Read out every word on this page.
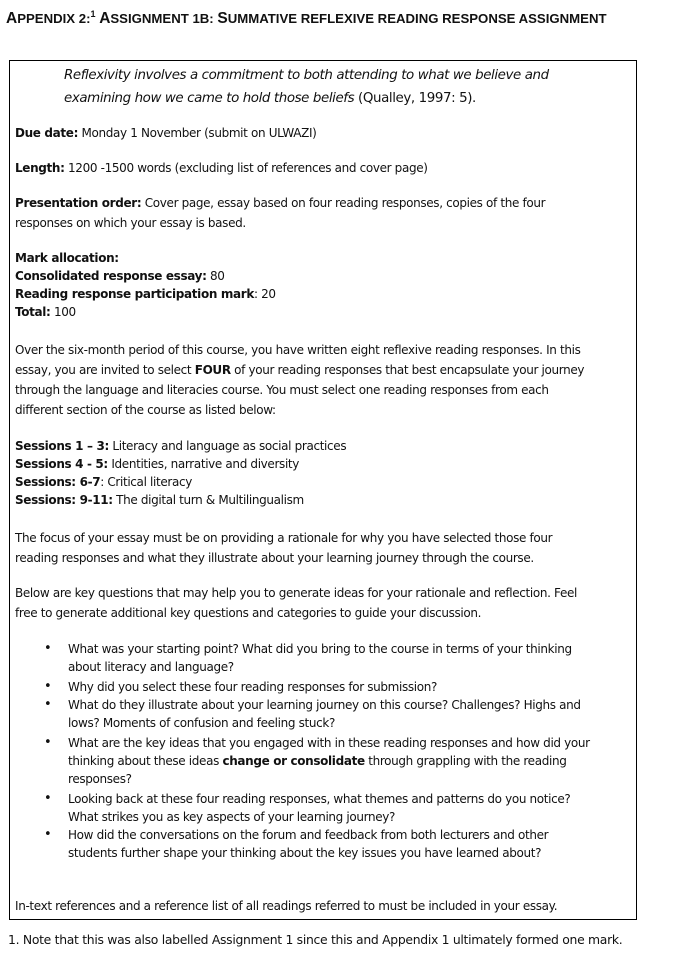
APPENDIX 2:$^1$ ASSIGNMENT 1B: SUMMATIVE REFLEXIVE READING RESPONSE ASSIGNMENT
Reflexivity involves a commitment to both attending to what we believe and
examining how we came to hold those beliefs (Qualley, 1997: 5).
Due date: Monday 1 November (submit on ULWAZI)
Length: 1200 -1500 words (excluding list of references and cover page)
Presentation order: Cover page, essay based on four reading responses, copies of the four
responses on which your essay is based.
Mark allocation:
Consolidated response essay: 80
Reading response participation mark: 20
Total: 100
Over the six-month period of this course, you have written eight reflexive reading responses. In this
essay, you are invited to select FOUR of your reading responses that best encapsulate your journey
through the language and literacies course. You must select one reading responses from each
different section of the course as listed below:
Sessions 1 – 3: Literacy and language as social practices
Sessions 4 - 5: Identities, narrative and diversity
Sessions: 6-7: Critical literacy
Sessions: 9-11: The digital turn & Multilingualism
The focus of your essay must be on providing a rationale for why you have selected those four
reading responses and what they illustrate about your learning journey through the course.
Below are key questions that may help you to generate ideas for your rationale and reflection. Feel
free to generate additional key questions and categories to guide your discussion.
• What was your starting point? What did you bring to the course in terms of your thinking
about literacy and language?
• Why did you select these four reading responses for submission?
• What do they illustrate about your learning journey on this course? Challenges? Highs and
lows? Moments of confusion and feeling stuck?
• What are the key ideas that you engaged with in these reading responses and how did your
thinking about these ideas change or consolidate through grappling with the reading
responses?
• Looking back at these four reading responses, what themes and patterns do you notice?
What strikes you as key aspects of your learning journey?
• How did the conversations on the forum and feedback from both lecturers and other
students further shape your thinking about the key issues you have learned about?
In-text references and a reference list of all readings referred to must be included in your essay.
1. Note that this was also labelled Assignment 1 since this and Appendix 1 ultimately formed one mark.
